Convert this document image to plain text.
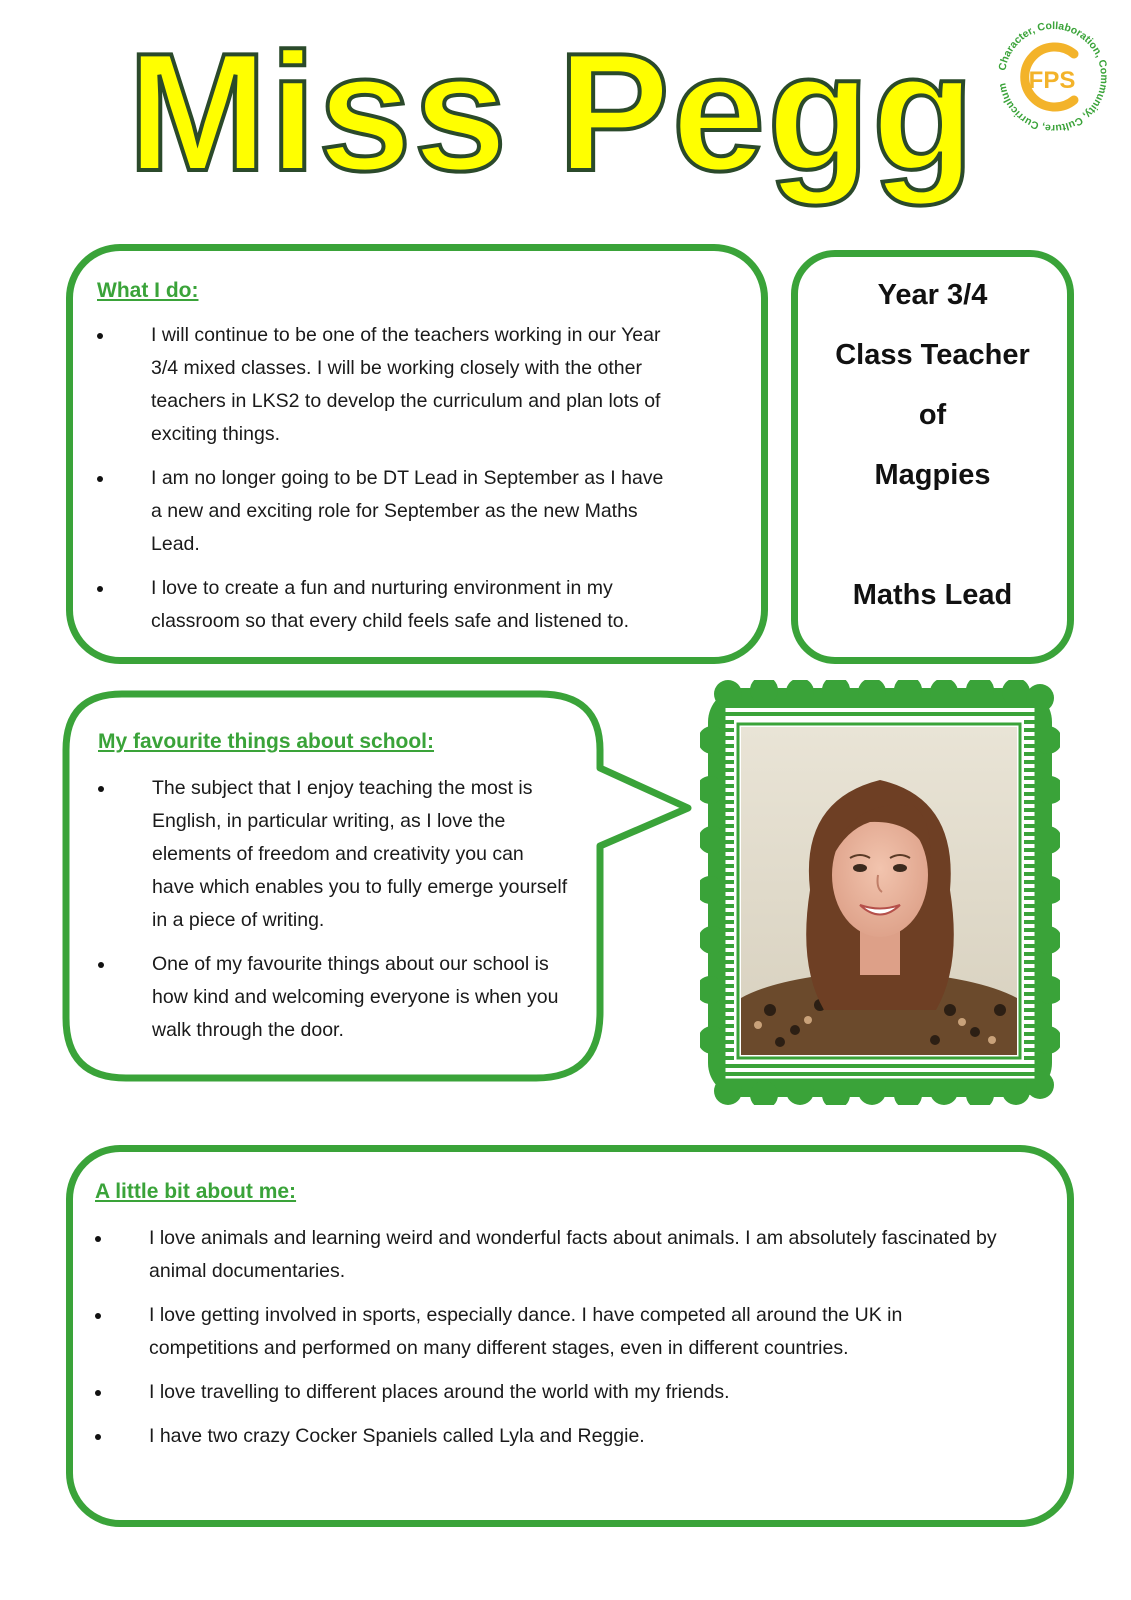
Miss Pegg Character, Collaboration, Community, Culture, Curriculum FPS
What I do:
I will continue to be one of the teachers working in our Year 3/4 mixed classes. I will be working closely with the other teachers in LKS2 to develop the curriculum and plan lots of exciting things.
I am no longer going to be DT Lead in September as I have a new and exciting role for September as the new Maths Lead.
I love to create a fun and nurturing environment in my classroom so that every child feels safe and listened to.
Year 3/4
Class Teacher
of
Magpies
Maths Lead
My favourite things about school:
The subject that I enjoy teaching the most is English, in particular writing, as I love the elements of freedom and creativity you can have which enables you to fully emerge yourself in a piece of writing.
One of my favourite things about our school is how kind and welcoming everyone is when you walk through the door.
A little bit about me:
I love animals and learning weird and wonderful facts about animals. I am absolutely fascinated by animal documentaries.
I love getting involved in sports, especially dance. I have competed all around the UK in competitions and performed on many different stages, even in different countries.
I love travelling to different places around the world with my friends.
I have two crazy Cocker Spaniels called Lyla and Reggie.
